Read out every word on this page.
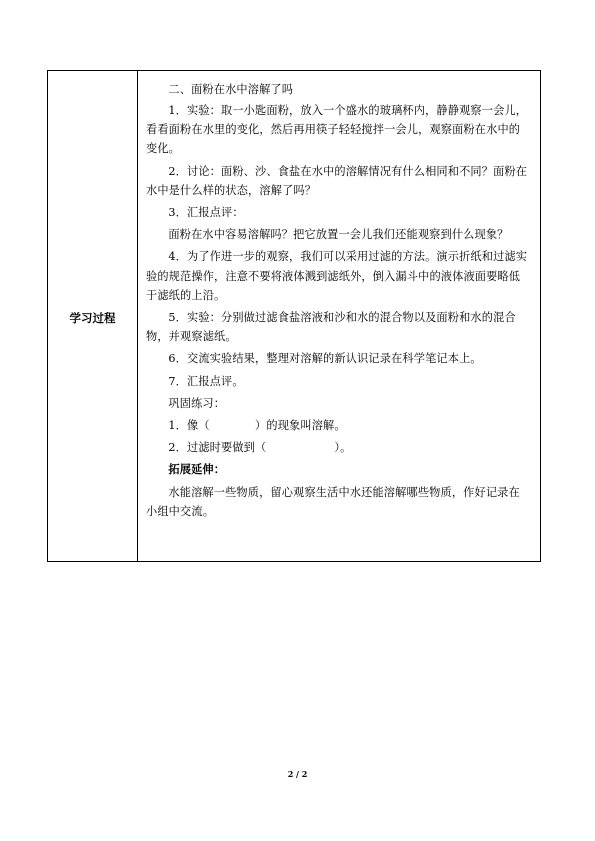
学习过程	

二、面粉在水中溶解了吗

1．实验：取一小匙面粉，放入一个盛水的玻璃杯内，静静观察一会儿，看看面粉在水里的变化，然后再用筷子轻轻搅拌一会儿，观察面粉在水中的变化。

2．讨论：面粉、沙、食盐在水中的溶解情况有什么相同和不同？面粉在水中是什么样的状态，溶解了吗？

3．汇报点评：

面粉在水中容易溶解吗？把它放置一会儿我们还能观察到什么现象？

4．为了作进一步的观察，我们可以采用过滤的方法。演示折纸和过滤实验的规范操作，注意不要将液体溅到滤纸外，倒入漏斗中的液体液面要略低于滤纸的上沿。

5．实验：分别做过滤食盐溶液和沙和水的混合物以及面粉和水的混合物，并观察滤纸。

6．交流实验结果，整理对溶解的新认识记录在科学笔记本上。

7．汇报点评。

巩固练习：

1．像（　　　　）的现象叫溶解。

2．过滤时要做到（　　　　　　）。

拓展延伸：

水能溶解一些物质，留心观察生活中水还能溶解哪些物质，作好记录在小组中交流。

2 / 2
